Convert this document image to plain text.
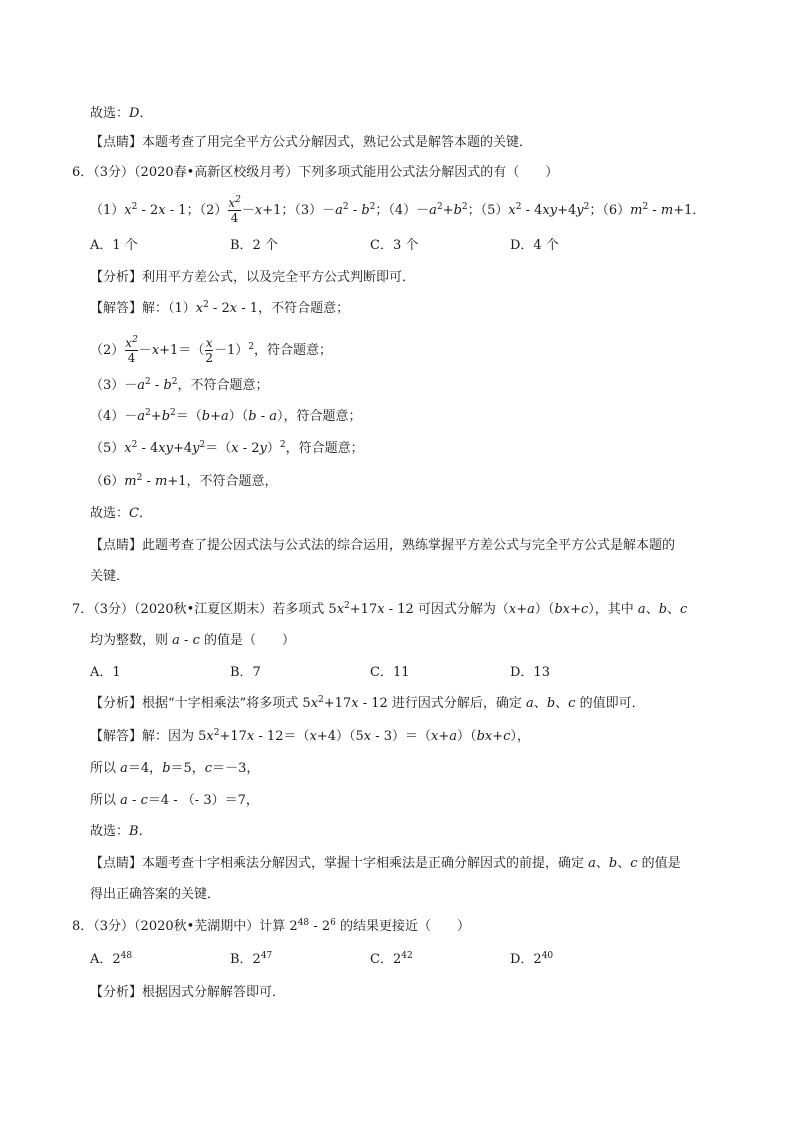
故选：D．
【点睛】本题考查了用完全平方公式分解因式，熟记公式是解答本题的关键．
6．（3分）（2020春•高新区校级月考）下列多项式能用公式法分解因式的有（　　）
$(1)x^2 - 2x - 1$；$(2) \frac{x^2}{4} -x+1$；$(3)-a^2 - b^2$；$(4)-a^2+b^2$；$(5)x^2 - 4xy+4y^2$；$(6)m^2 - m+1$．
A．1 个	B．2 个	C．3 个	D．4 个
【分析】利用平方差公式，以及完全平方公式判断即可．
【解答】解：$(1)x^2 - 2x - 1$，不符合题意；
$(2) \frac{x^2}{4} -x+1=( \frac{x}{2} -1)^2$，符合题意；
$(3)-a^2 - b^2$，不符合题意；
$(4)-a^2+b^2=(b+a)(b - a)$，符合题意；
$(5)x^2 - 4xy+4y^2=(x - 2y)^2$，符合题意；
$(6)m^2 - m+1$，不符合题意，
故选：C．
【点睛】此题考查了提公因式法与公式法的综合运用，熟练掌握平方差公式与完全平方公式是解本题的
关键．
7．（3分）（2020秋•江夏区期末）若多项式 $5x^2+17x - 12$ 可因式分解为（x+a）（bx+c），其中 a、b、c
均为整数，则 a - c 的值是（　　）
A．1	B．7	C．11	D．13
【分析】根据“十字相乘法”将多项式 $5x^2+17x - 12$ 进行因式分解后，确定 a、b、c 的值即可．
【解答】解：因为 $5x^2+17x - 12=(x+4)(5x - 3)=(x+a)(bx+c)$，
所以 a＝4，b＝5，c＝－3，
所以 a - c＝4 - （- 3）＝7，
故选：B．
【点睛】本题考查十字相乘法分解因式，掌握十字相乘法是正确分解因式的前提，确定 a、b、c 的值是
得出正确答案的关键．
8．（3分）（2020秋•芜湖期中）计算 $2^{48} - 2^6$ 的结果更接近（　　）
A．$2^{48}$	B．$2^{47}$	C．$2^{42}$	D．$2^{40}$
【分析】根据因式分解解答即可．
